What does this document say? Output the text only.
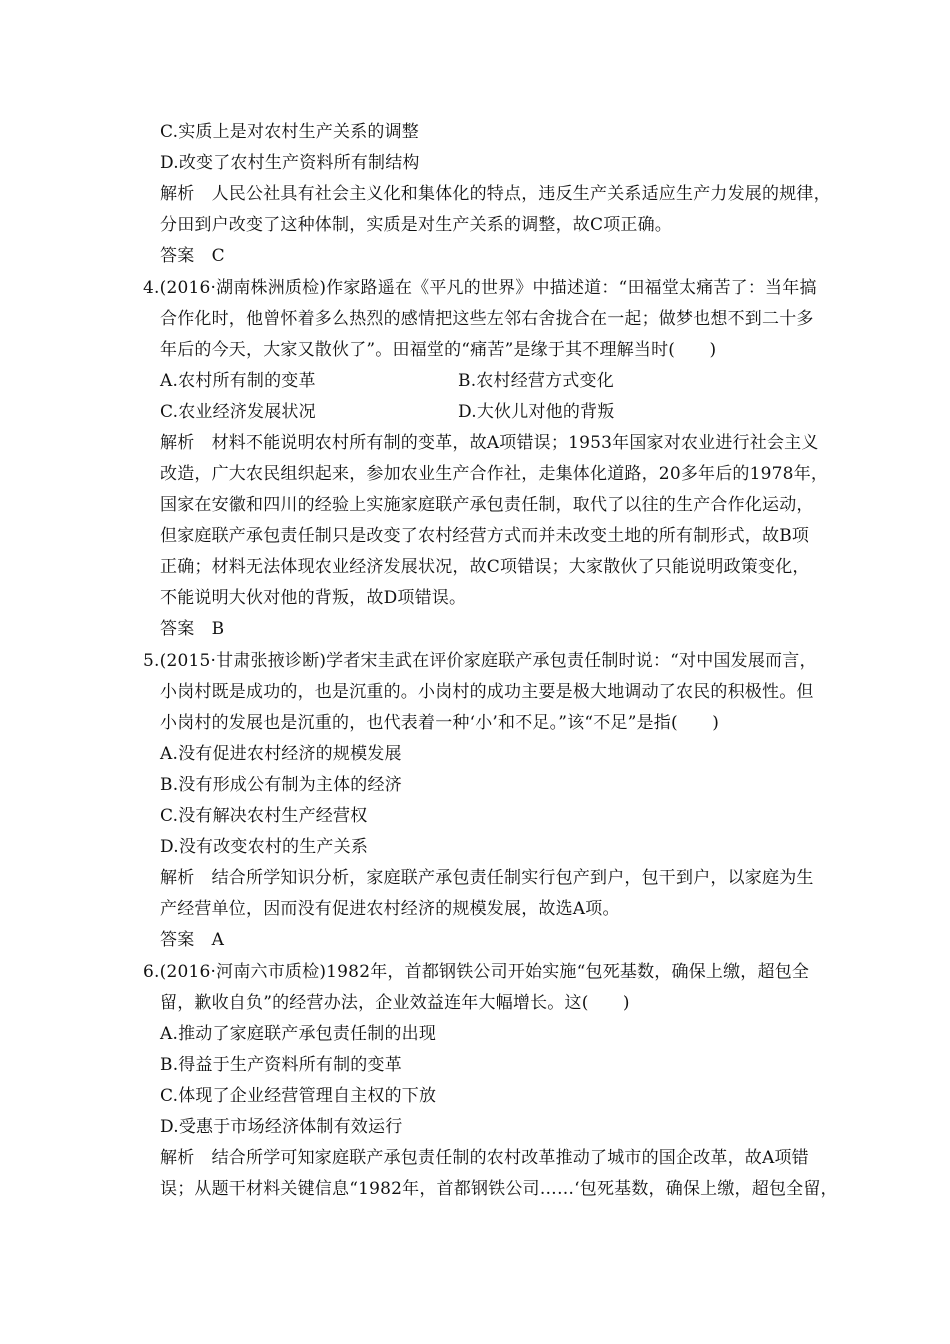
C.实质上是对农村生产关系的调整
D.改变了农村生产资料所有制结构
解析　人民公社具有社会主义化和集体化的特点，违反生产关系适应生产力发展的规律，
分田到户改变了这种体制，实质是对生产关系的调整，故C项正确。
答案　C
4.(2016·湖南株洲质检)作家路遥在《平凡的世界》中描述道：“田福堂太痛苦了：当年搞
合作化时，他曾怀着多么热烈的感情把这些左邻右舍拢合在一起；做梦也想不到二十多
年后的今天，大家又散伙了”。田福堂的“痛苦”是缘于其不理解当时(　　)
A.农村所有制的变革	B.农村经营方式变化
C.农业经济发展状况	D.大伙儿对他的背叛
解析　材料不能说明农村所有制的变革，故A项错误；1953年国家对农业进行社会主义
改造，广大农民组织起来，参加农业生产合作社，走集体化道路，20多年后的1978年，
国家在安徽和四川的经验上实施家庭联产承包责任制，取代了以往的生产合作化运动，
但家庭联产承包责任制只是改变了农村经营方式而并未改变土地的所有制形式，故B项
正确；材料无法体现农业经济发展状况，故C项错误；大家散伙了只能说明政策变化，
不能说明大伙对他的背叛，故D项错误。
答案　B
5.(2015·甘肃张掖诊断)学者宋圭武在评价家庭联产承包责任制时说：“对中国发展而言，
小岗村既是成功的，也是沉重的。小岗村的成功主要是极大地调动了农民的积极性。但
小岗村的发展也是沉重的，也代表着一种‘小’和不足。”该“不足”是指(　　)
A.没有促进农村经济的规模发展
B.没有形成公有制为主体的经济
C.没有解决农村生产经营权
D.没有改变农村的生产关系
解析　结合所学知识分析，家庭联产承包责任制实行包产到户，包干到户，以家庭为生
产经营单位，因而没有促进农村经济的规模发展，故选A项。
答案　A
6.(2016·河南六市质检)1982年，首都钢铁公司开始实施“包死基数，确保上缴，超包全
留，歉收自负”的经营办法，企业效益连年大幅增长。这(　　)
A.推动了家庭联产承包责任制的出现
B.得益于生产资料所有制的变革
C.体现了企业经营管理自主权的下放
D.受惠于市场经济体制有效运行
解析　结合所学可知家庭联产承包责任制的农村改革推动了城市的国企改革，故A项错
误；从题干材料关键信息“1982年，首都钢铁公司……‘包死基数，确保上缴，超包全留，
